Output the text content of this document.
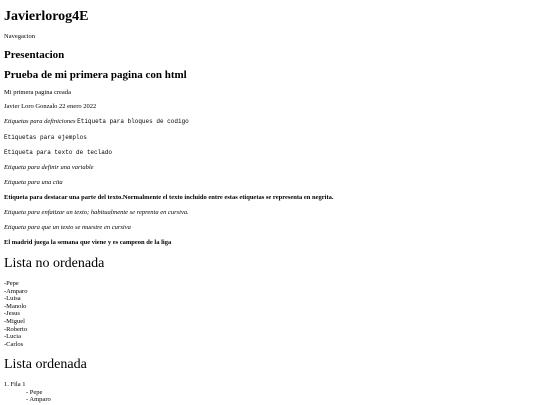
Javierlorog4E
Navegacion
Presentacion
Prueba de mi primera pagina con html
Mi primera pagina creada
Javier Loro Gonzalo 22 enero 2022
Etiquetas para definiciones Etiqueta para bloques de codigo
Etiquetas para ejemplos
Etiqueta para texto de teclado
Etiqueta para definir una variable
Etiqueta para una cita
Etiqueta para destacar una parte del texto.Normalmente el texto incluido entre estas etiquetas se representa en negrita.
Etiqueta para enfatizar un texto; habitualmente se reprenta en cursiva.
Etiqueta para que un texto se muestre en cursiva
El madrid juega la semana que viene y es campeon de la liga
Lista no ordenada
-Pepe
-Amparo
-Luisa
-Manolo
-Jesus
-Miguel
-Roberto
-Lucia
-Carlos
Lista ordenada
1. Fila 1
- Pepe
- Amparo
